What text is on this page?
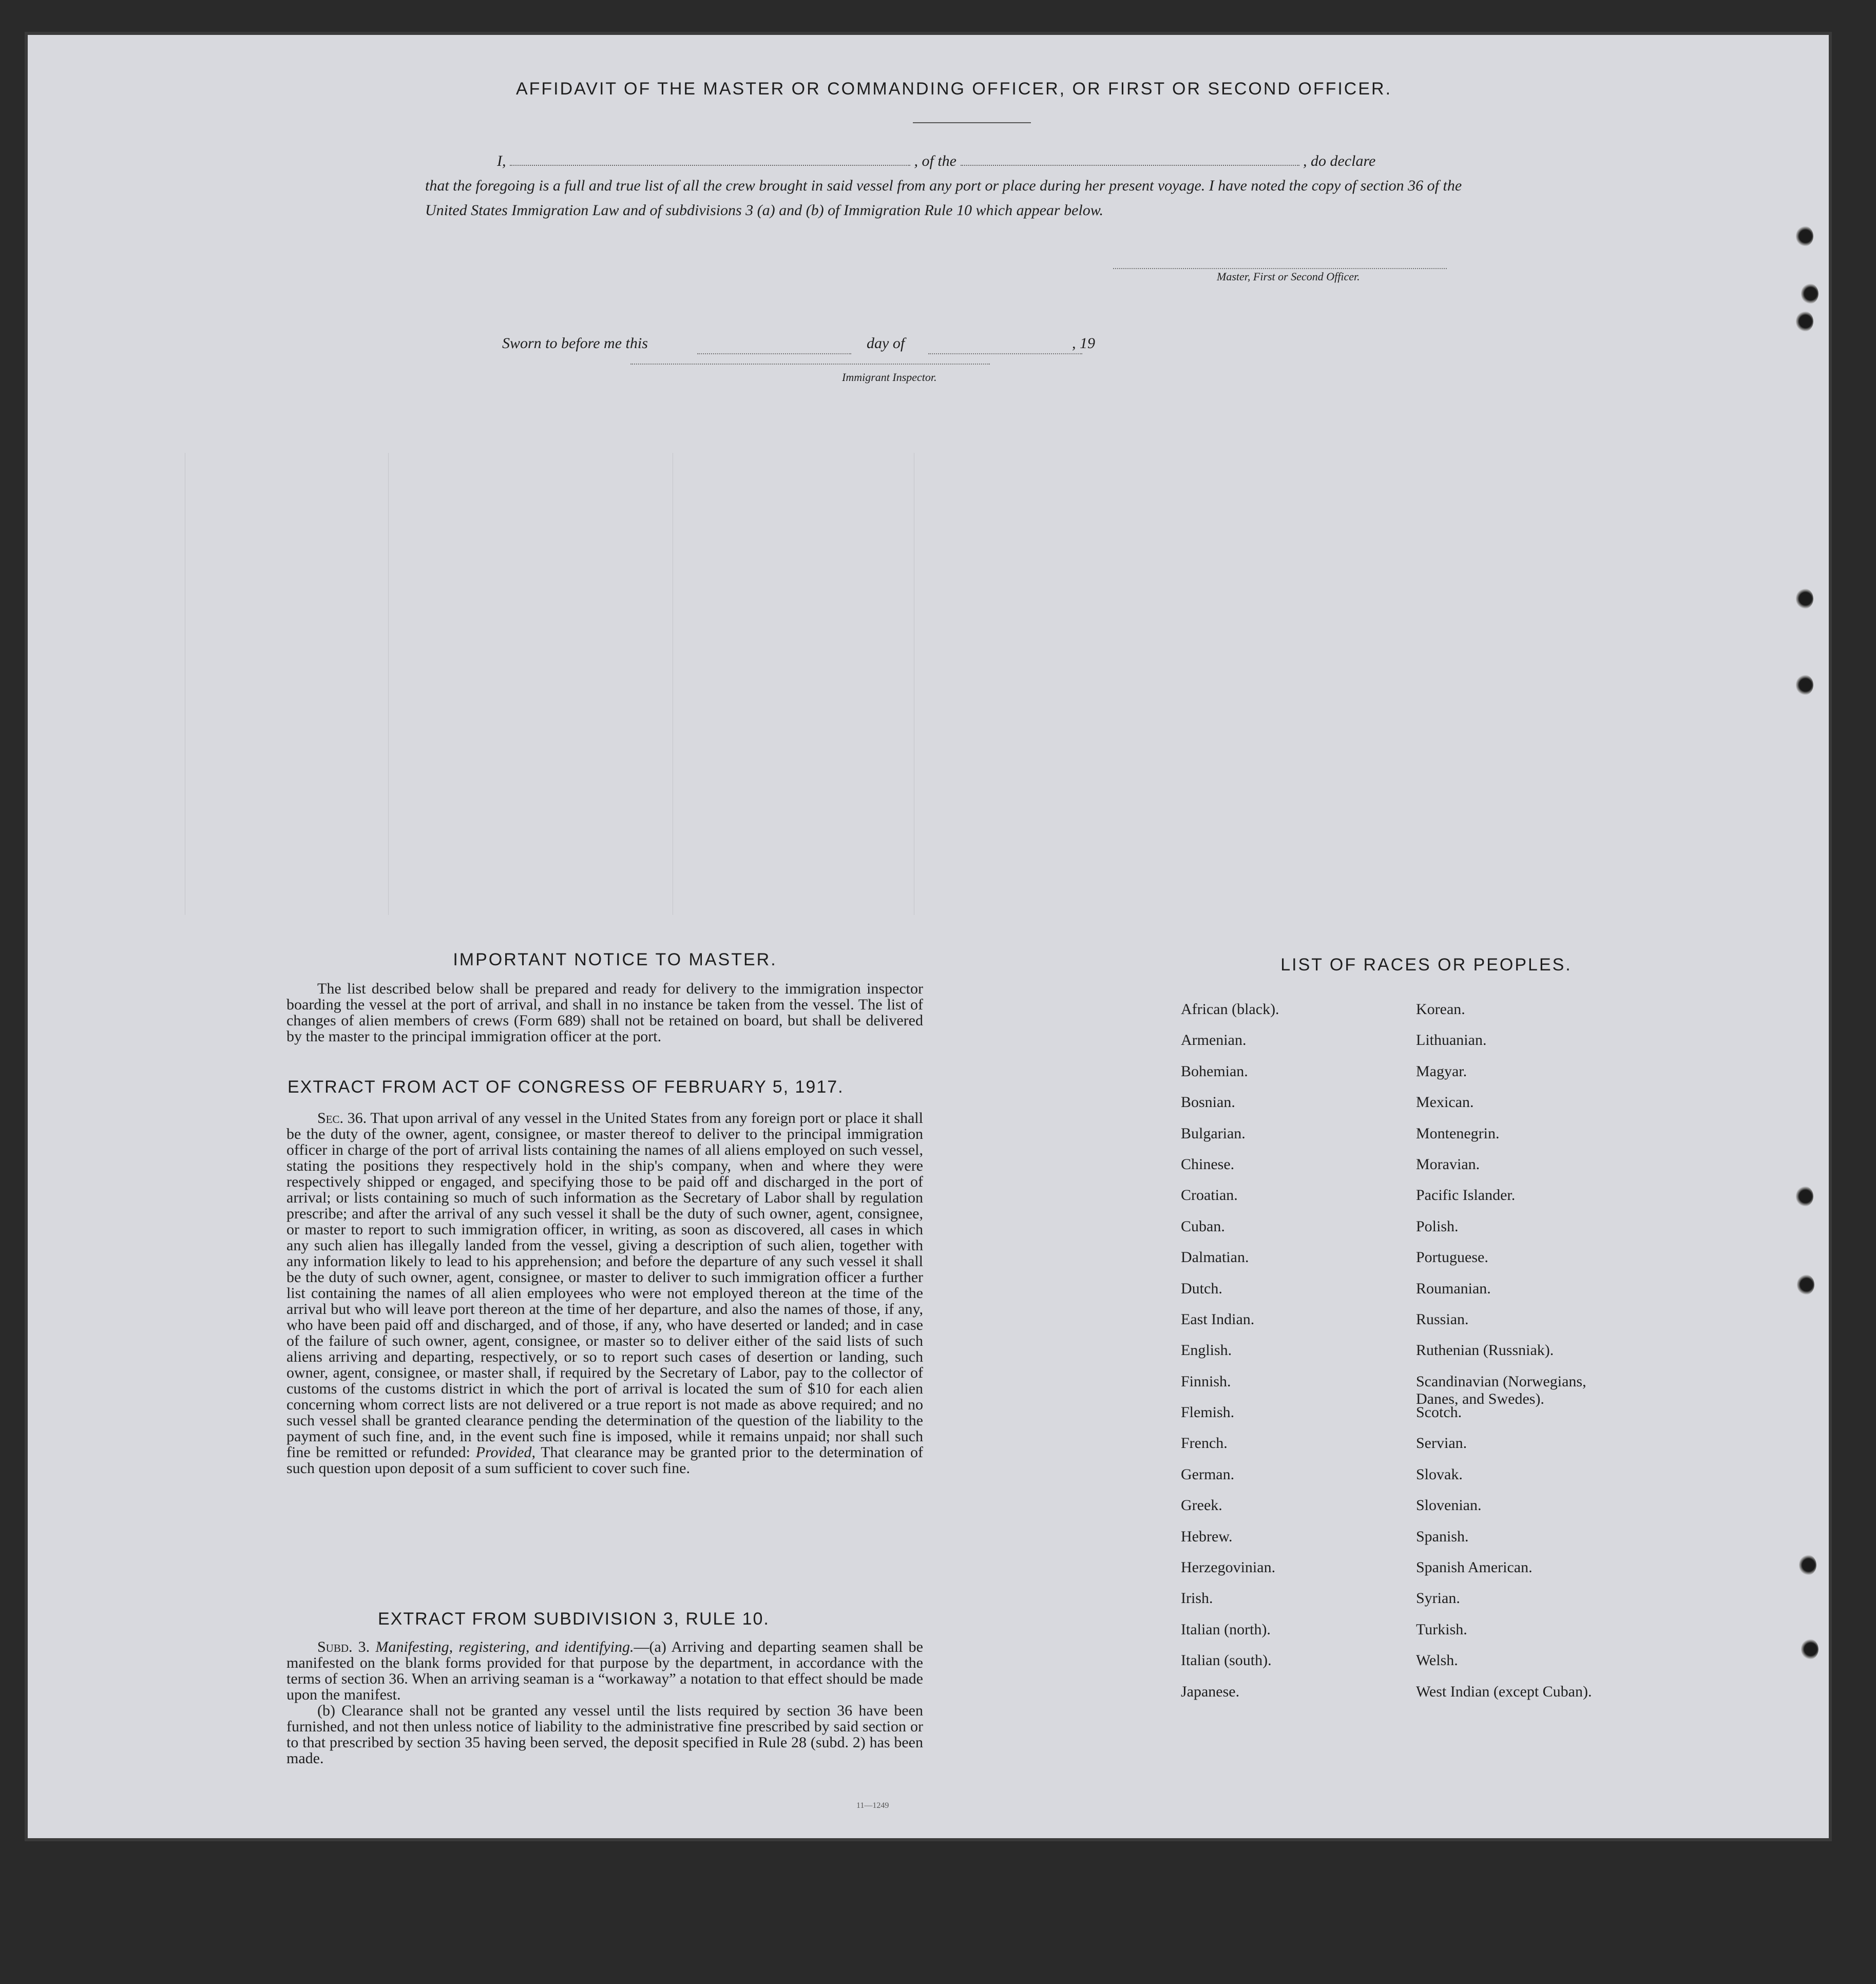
AFFIDAVIT OF THE MASTER OR COMMANDING OFFICER, OR FIRST OR SECOND OFFICER.
I,	, of the	, do declare
that the foregoing is a full and true list of all the crew brought in said vessel from any port or place during her present voyage. I have noted the copy of section 36 of the United States Immigration Law and of subdivisions 3 (a) and (b) of Immigration Rule 10 which appear below.
Master, First or Second Officer.
Sworn to before me this	day of	, 19
Immigrant Inspector.
IMPORTANT NOTICE TO MASTER.

The list described below shall be prepared and ready for delivery to the immigration inspector boarding the vessel at the port of arrival, and shall in no instance be taken from the vessel. The list of changes of alien members of crews (Form 689) shall not be retained on board, but shall be delivered by the master to the principal immigration officer at the port.

EXTRACT FROM ACT OF CONGRESS OF FEBRUARY 5, 1917.

Sec. 36. That upon arrival of any vessel in the United States from any foreign port or place it shall be the duty of the owner, agent, consignee, or master thereof to deliver to the principal immigration officer in charge of the port of arrival lists containing the names of all aliens employed on such vessel, stating the positions they respectively hold in the ship's company, when and where they were respectively shipped or engaged, and specifying those to be paid off and discharged in the port of arrival; or lists containing so much of such information as the Secretary of Labor shall by regulation prescribe; and after the arrival of any such vessel it shall be the duty of such owner, agent, consignee, or master to report to such immigration officer, in writing, as soon as discovered, all cases in which any such alien has illegally landed from the vessel, giving a description of such alien, together with any information likely to lead to his apprehension; and before the departure of any such vessel it shall be the duty of such owner, agent, consignee, or master to deliver to such immigration officer a further list containing the names of all alien employees who were not employed thereon at the time of the arrival but who will leave port thereon at the time of her departure, and also the names of those, if any, who have been paid off and discharged, and of those, if any, who have deserted or landed; and in case of the failure of such owner, agent, consignee, or master so to deliver either of the said lists of such aliens arriving and departing, respectively, or so to report such cases of desertion or landing, such owner, agent, consignee, or master shall, if required by the Secretary of Labor, pay to the collector of customs of the customs district in which the port of arrival is located the sum of $10 for each alien concerning whom correct lists are not delivered or a true report is not made as above required; and no such vessel shall be granted clearance pending the determination of the question of the liability to the payment of such fine, and, in the event such fine is imposed, while it remains unpaid; nor shall such fine be remitted or refunded: Provided, That clearance may be granted prior to the determination of such question upon deposit of a sum sufficient to cover such fine.

EXTRACT FROM SUBDIVISION 3, RULE 10.

Subd. 3. Manifesting, registering, and identifying.—(a) Arriving and departing seamen shall be manifested on the blank forms provided for that purpose by the department, in accordance with the terms of section 36. When an arriving seaman is a “workaway” a notation to that effect should be made upon the manifest.

(b) Clearance shall not be granted any vessel until the lists required by section 36 have been furnished, and not then unless notice of liability to the administrative fine prescribed by said section or to that prescribed by section 35 having been served, the deposit specified in Rule 28 (subd. 2) has been made.

11—1249
LIST OF RACES OR PEOPLES.
African (black).
Armenian.
Bohemian.
Bosnian.
Bulgarian.
Chinese.
Croatian.
Cuban.
Dalmatian.
Dutch.
East Indian.
English.
Finnish.
Flemish.
French.
German.
Greek.
Hebrew.
Herzegovinian.
Irish.
Italian (north).
Italian (south).
Japanese.
Korean.
Lithuanian.
Magyar.
Mexican.
Montenegrin.
Moravian.
Pacific Islander.
Polish.
Portuguese.
Roumanian.
Russian.
Ruthenian (Russniak).
Scandinavian (Norwegians,
Danes, and Swedes).
Scotch.
Servian.
Slovak.
Slovenian.
Spanish.
Spanish American.
Syrian.
Turkish.
Welsh.
West Indian (except Cuban).
